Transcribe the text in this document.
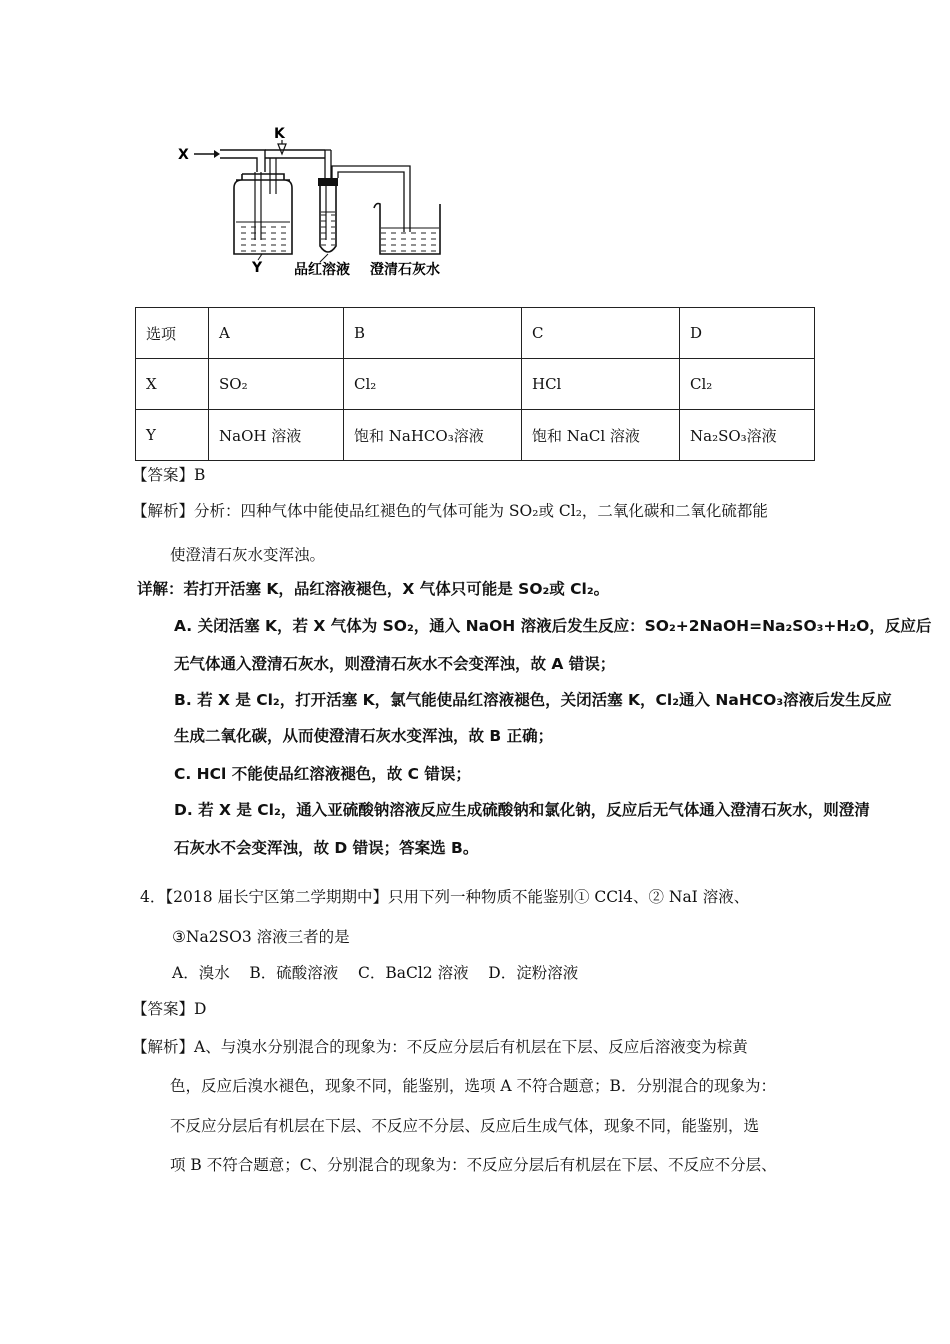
X
K
Y 品红溶液 澄清石灰水
选项	A	B	C	D
X	SO₂	Cl₂	HCl	Cl₂
Y	NaOH 溶液	饱和 NaHCO₃溶液	饱和 NaCl 溶液	Na₂SO₃溶液
【答案】B
【解析】分析：四种气体中能使品红褪色的气体可能为 SO₂或 Cl₂，二氧化碳和二氧化硫都能
使澄清石灰水变浑浊。
详解：若打开活塞 K，品红溶液褪色，X 气体只可能是 SO₂或 Cl₂。
A. 关闭活塞 K，若 X 气体为 SO₂，通入 NaOH 溶液后发生反应：SO₂+2NaOH=Na₂SO₃+H₂O，反应后
无气体通入澄清石灰水，则澄清石灰水不会变浑浊，故 A 错误；
B. 若 X 是 Cl₂，打开活塞 K，氯气能使品红溶液褪色，关闭活塞 K，Cl₂通入 NaHCO₃溶液后发生反应
生成二氧化碳，从而使澄清石灰水变浑浊，故 B 正确；
C. HCl 不能使品红溶液褪色，故 C 错误；
D. 若 X 是 Cl₂，通入亚硫酸钠溶液反应生成硫酸钠和氯化钠，反应后无气体通入澄清石灰水，则澄清
石灰水不会变浑浊，故 D 错误；答案选 B。
4．【2018 届长宁区第二学期期中】只用下列一种物质不能鉴别① CCl4、② NaI 溶液、
③Na2SO3 溶液三者的是
A．溴水    B．硫酸溶液    C．BaCl2 溶液    D．淀粉溶液
【答案】D
【解析】A、与溴水分别混合的现象为：不反应分层后有机层在下层、反应后溶液变为棕黄
色，反应后溴水褪色，现象不同，能鉴别，选项 A 不符合题意；B．分别混合的现象为：
不反应分层后有机层在下层、不反应不分层、反应后生成气体，现象不同，能鉴别，选
项 B 不符合题意；C、分别混合的现象为：不反应分层后有机层在下层、不反应不分层、
